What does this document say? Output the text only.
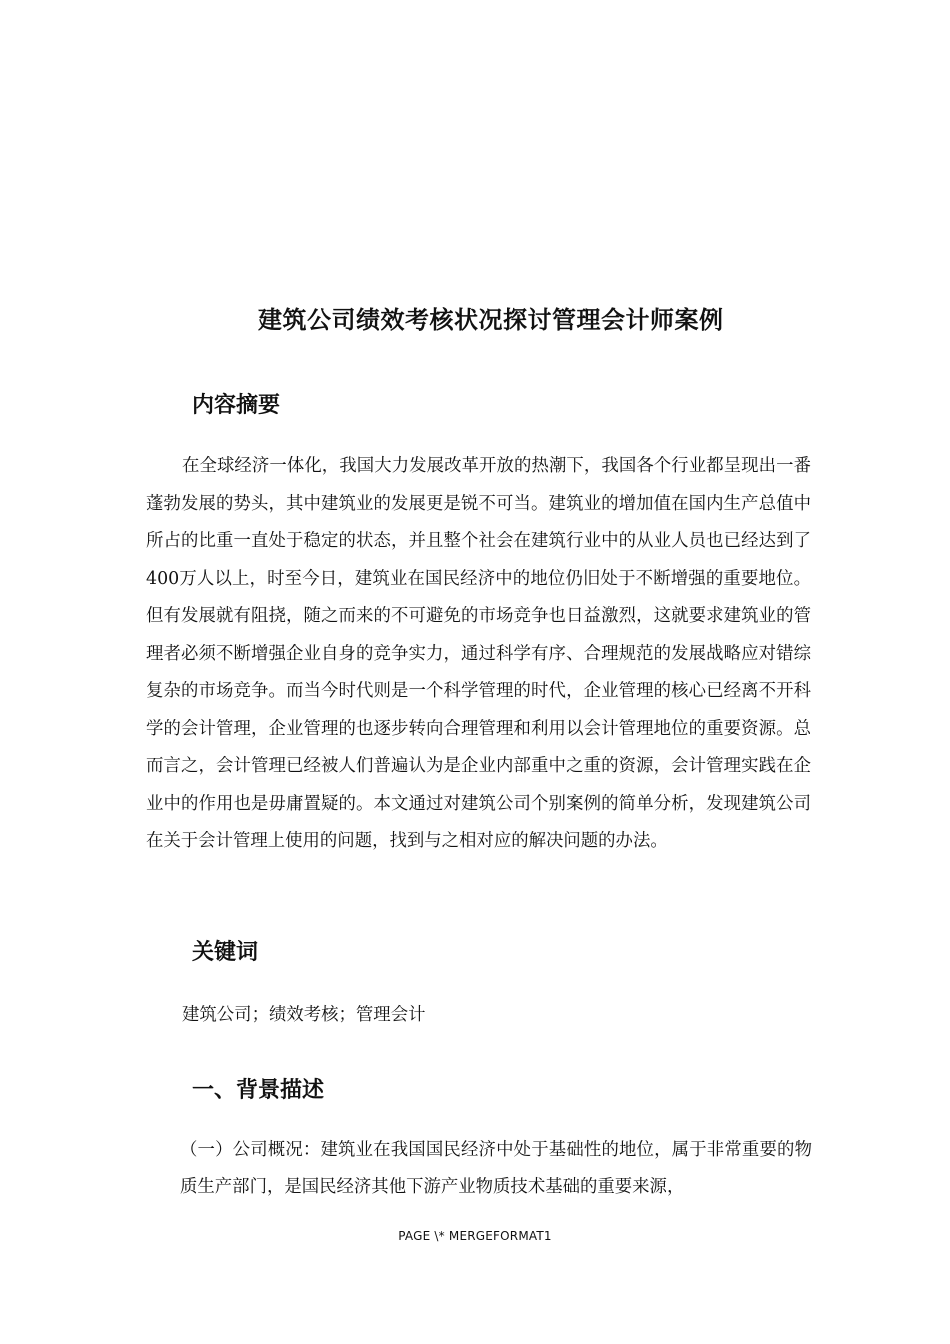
建筑公司绩效考核状况探讨管理会计师案例
内容摘要
在全球经济一体化，我国大力发展改革开放的热潮下，我国各个行业都呈现出一番蓬勃发展的势头，其中建筑业的发展更是锐不可当。建筑业的增加值在国内生产总值中所占的比重一直处于稳定的状态，并且整个社会在建筑行业中的从业人员也已经达到了400万人以上，时至今日，建筑业在国民经济中的地位仍旧处于不断增强的重要地位。但有发展就有阻挠，随之而来的不可避免的市场竞争也日益激烈，这就要求建筑业的管理者必须不断增强企业自身的竞争实力，通过科学有序、合理规范的发展战略应对错综复杂的市场竞争。而当今时代则是一个科学管理的时代，企业管理的核心已经离不开科学的会计管理，企业管理的也逐步转向合理管理和利用以会计管理地位的重要资源。总而言之，会计管理已经被人们普遍认为是企业内部重中之重的资源，会计管理实践在企业中的作用也是毋庸置疑的。本文通过对建筑公司个别案例的简单分析，发现建筑公司在关于会计管理上使用的问题，找到与之相对应的解决问题的办法。
关键词
建筑公司；绩效考核；管理会计
一、背景描述
（一）公司概况：建筑业在我国国民经济中处于基础性的地位，属于非常重要的物质生产部门，是国民经济其他下游产业物质技术基础的重要来源，
PAGE \* MERGEFORMAT1
